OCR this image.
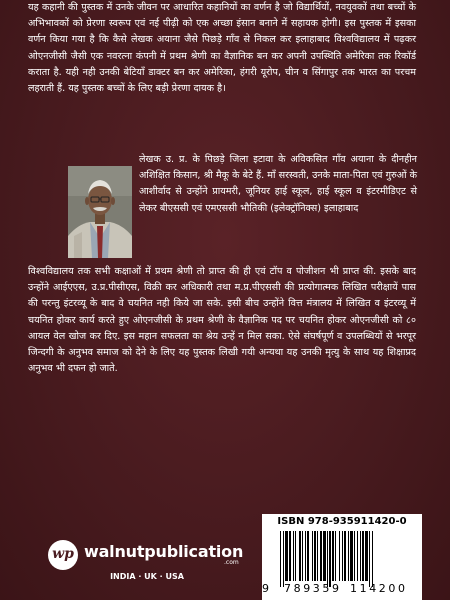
यह कहानी की पुस्तक में उनके जीवन पर आधारित कहानियों का वर्णन है जो विद्यार्थियों, नवयुवकों तथा बच्चों के अभिभावकों को प्रेरणा स्वरूप एवं नई पीढ़ी को एक अच्छा इंसान बनाने में सहायक होगी। इस पुस्तक में इसका वर्णन किया गया है कि कैसे लेखक अयाना जैसे पिछड़े गाँव से निकल कर इलाहाबाद विश्वविद्यालय में पढ़कर ओएनजीसी जैसी एक नवरत्ना कंपनी में प्रथम श्रेणी का वैज्ञानिक बन कर अपनी उपस्थिति अमेरिका तक रिकॉर्ड कराता है. यही नही उनकी बेटियाँ डाक्टर बन कर अमेरिका, हंगरी यूरोप, चीन व सिंगापुर तक भारत का परचम लहराती हैं. यह पुस्तक बच्चों के लिए बड़ी प्रेरणा दायक है।

लेखक उ. प्र. के पिछड़े जिला इटावा के अविकसित गाँव अयाना के दीनहीन अशिक्षित किसान, श्री मैकू के बेटे हैं. माँ सरस्वती, उनके माता-पिता एवं गुरुओं के आशीर्वाद से उन्होंने प्रायमरी, जूनियर हाई स्कूल, हाई स्कूल व इंटरमीडिएट से लेकर बीएससी एवं एमएससी भौतिकी (इलेक्ट्रॉनिक्स) इलाहाबाद

विश्वविद्यालय तक सभी कक्षाओं में प्रथम श्रेणी तो प्राप्त की ही एवं टॉप व पोजीशन भी प्राप्त की. इसके बाद उन्होंने आईएएस, उ.प्र.पीसीएस, विक्री कर अधिकारी तथा म.प्र.पीएससी की प्रत्योगात्मक लिखित परीक्षायें पास की परन्तु इंटरव्यू के बाद वे चयनित नही किये जा सके. इसी बीच उन्होंने वित्त मंत्रालय में लिखित व इंटरव्यू में चयनित होकर कार्य करते हुए ओएनजीसी के प्रथम श्रेणी के वैज्ञानिक पद पर चयनित होकर ओएनजीसी को ८० आयल वेल खोज कर दिए. इस महान सफलता का श्रेय उन्हें न मिल सका. ऐसे संघर्षपूर्ण व उपलब्धियों से भरपूर जिन्दगी के अनुभव समाज को देने के लिए यह पुस्तक लिखी गयी अन्यथा यह उनकी मृत्यु के साथ यह शिक्षाप्रद अनुभव भी दफन हो जाते.

wp walnutpublication
.com
INDIA · UK · USA
ISBN 978-935911420-0
9 789359 114200
